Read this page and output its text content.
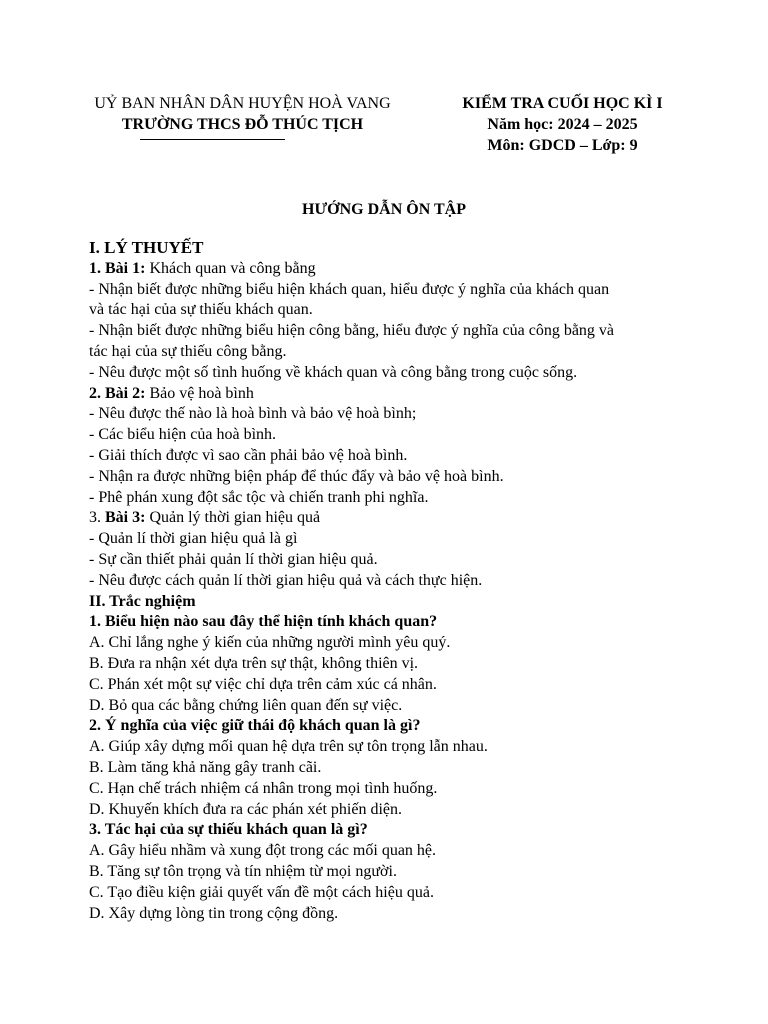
UỶ BAN NHÂN DÂN HUYỆN HOÀ VANG
TRƯỜNG THCS ĐỖ THÚC TỊCH
KIỂM TRA CUỐI HỌC KÌ I
Năm học: 2024 – 2025
Môn: GDCD – Lớp: 9
HƯỚNG DẪN ÔN TẬP

I. LÝ THUYẾT

1. Bài 1: Khách quan và công bằng

- Nhận biết được những biểu hiện khách quan, hiểu được ý nghĩa của khách quan

và tác hại của sự thiếu khách quan.

- Nhận biết được những biểu hiện công bằng, hiểu được ý nghĩa của công bằng và

tác hại của sự thiếu công bằng.

- Nêu được một số tình huống về khách quan và công bằng trong cuộc sống.

2. Bài 2: Bảo vệ hoà bình

- Nêu được thế nào là hoà bình và bảo vệ hoà bình;

- Các biểu hiện của hoà bình.

- Giải thích được vì sao cần phải bảo vệ hoà bình.

- Nhận ra được những biện pháp để thúc đẩy và bảo vệ hoà bình.

- Phê phán xung đột sắc tộc và chiến tranh phi nghĩa.

3. Bài 3: Quản lý thời gian hiệu quả

- Quản lí thời gian hiệu quả là gì

- Sự cần thiết phải quản lí thời gian hiệu quả.

- Nêu được cách quản lí thời gian hiệu quả và cách thực hiện.

II. Trắc nghiệm

1. Biểu hiện nào sau đây thể hiện tính khách quan?

A. Chỉ lắng nghe ý kiến của những người mình yêu quý.

B. Đưa ra nhận xét dựa trên sự thật, không thiên vị.

C. Phán xét một sự việc chỉ dựa trên cảm xúc cá nhân.

D. Bỏ qua các bằng chứng liên quan đến sự việc.

2. Ý nghĩa của việc giữ thái độ khách quan là gì?

A. Giúp xây dựng mối quan hệ dựa trên sự tôn trọng lẫn nhau.

B. Làm tăng khả năng gây tranh cãi.

C. Hạn chế trách nhiệm cá nhân trong mọi tình huống.

D. Khuyến khích đưa ra các phán xét phiến diện.

3. Tác hại của sự thiếu khách quan là gì?

A. Gây hiểu nhầm và xung đột trong các mối quan hệ.

B. Tăng sự tôn trọng và tín nhiệm từ mọi người.

C. Tạo điều kiện giải quyết vấn đề một cách hiệu quả.

D. Xây dựng lòng tin trong cộng đồng.
